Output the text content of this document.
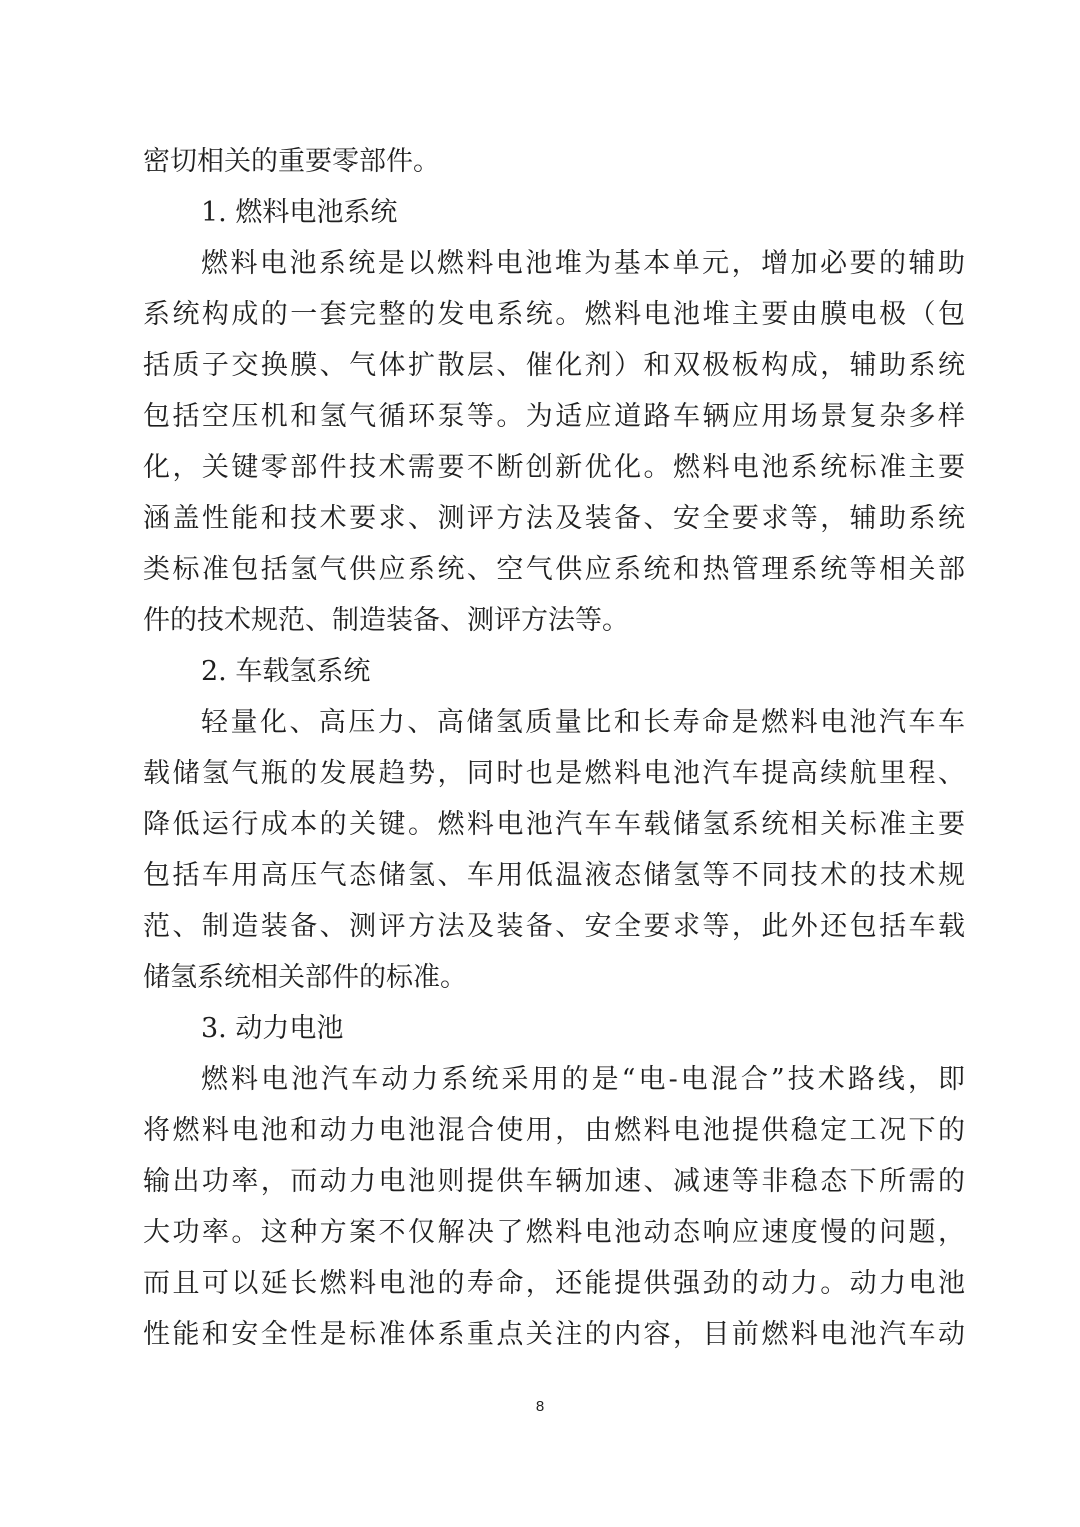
密切相关的重要零部件。
1. 燃料电池系统
燃料电池系统是以燃料电池堆为基本单元，增加必要的辅助
系统构成的一套完整的发电系统。燃料电池堆主要由膜电极（包
括质子交换膜、气体扩散层、催化剂）和双极板构成，辅助系统
包括空压机和氢气循环泵等。为适应道路车辆应用场景复杂多样
化，关键零部件技术需要不断创新优化。燃料电池系统标准主要
涵盖性能和技术要求、测评方法及装备、安全要求等，辅助系统
类标准包括氢气供应系统、空气供应系统和热管理系统等相关部
件的技术规范、制造装备、测评方法等。
2. 车载氢系统
轻量化、高压力、高储氢质量比和长寿命是燃料电池汽车车
载储氢气瓶的发展趋势，同时也是燃料电池汽车提高续航里程、
降低运行成本的关键。燃料电池汽车车载储氢系统相关标准主要
包括车用高压气态储氢、车用低温液态储氢等不同技术的技术规
范、制造装备、测评方法及装备、安全要求等，此外还包括车载
储氢系统相关部件的标准。
3. 动力电池
燃料电池汽车动力系统采用的是“电-电混合”技术路线，即
将燃料电池和动力电池混合使用，由燃料电池提供稳定工况下的
输出功率，而动力电池则提供车辆加速、减速等非稳态下所需的
大功率。这种方案不仅解决了燃料电池动态响应速度慢的问题，
而且可以延长燃料电池的寿命，还能提供强劲的动力。动力电池
性能和安全性是标准体系重点关注的内容，目前燃料电池汽车动
8
